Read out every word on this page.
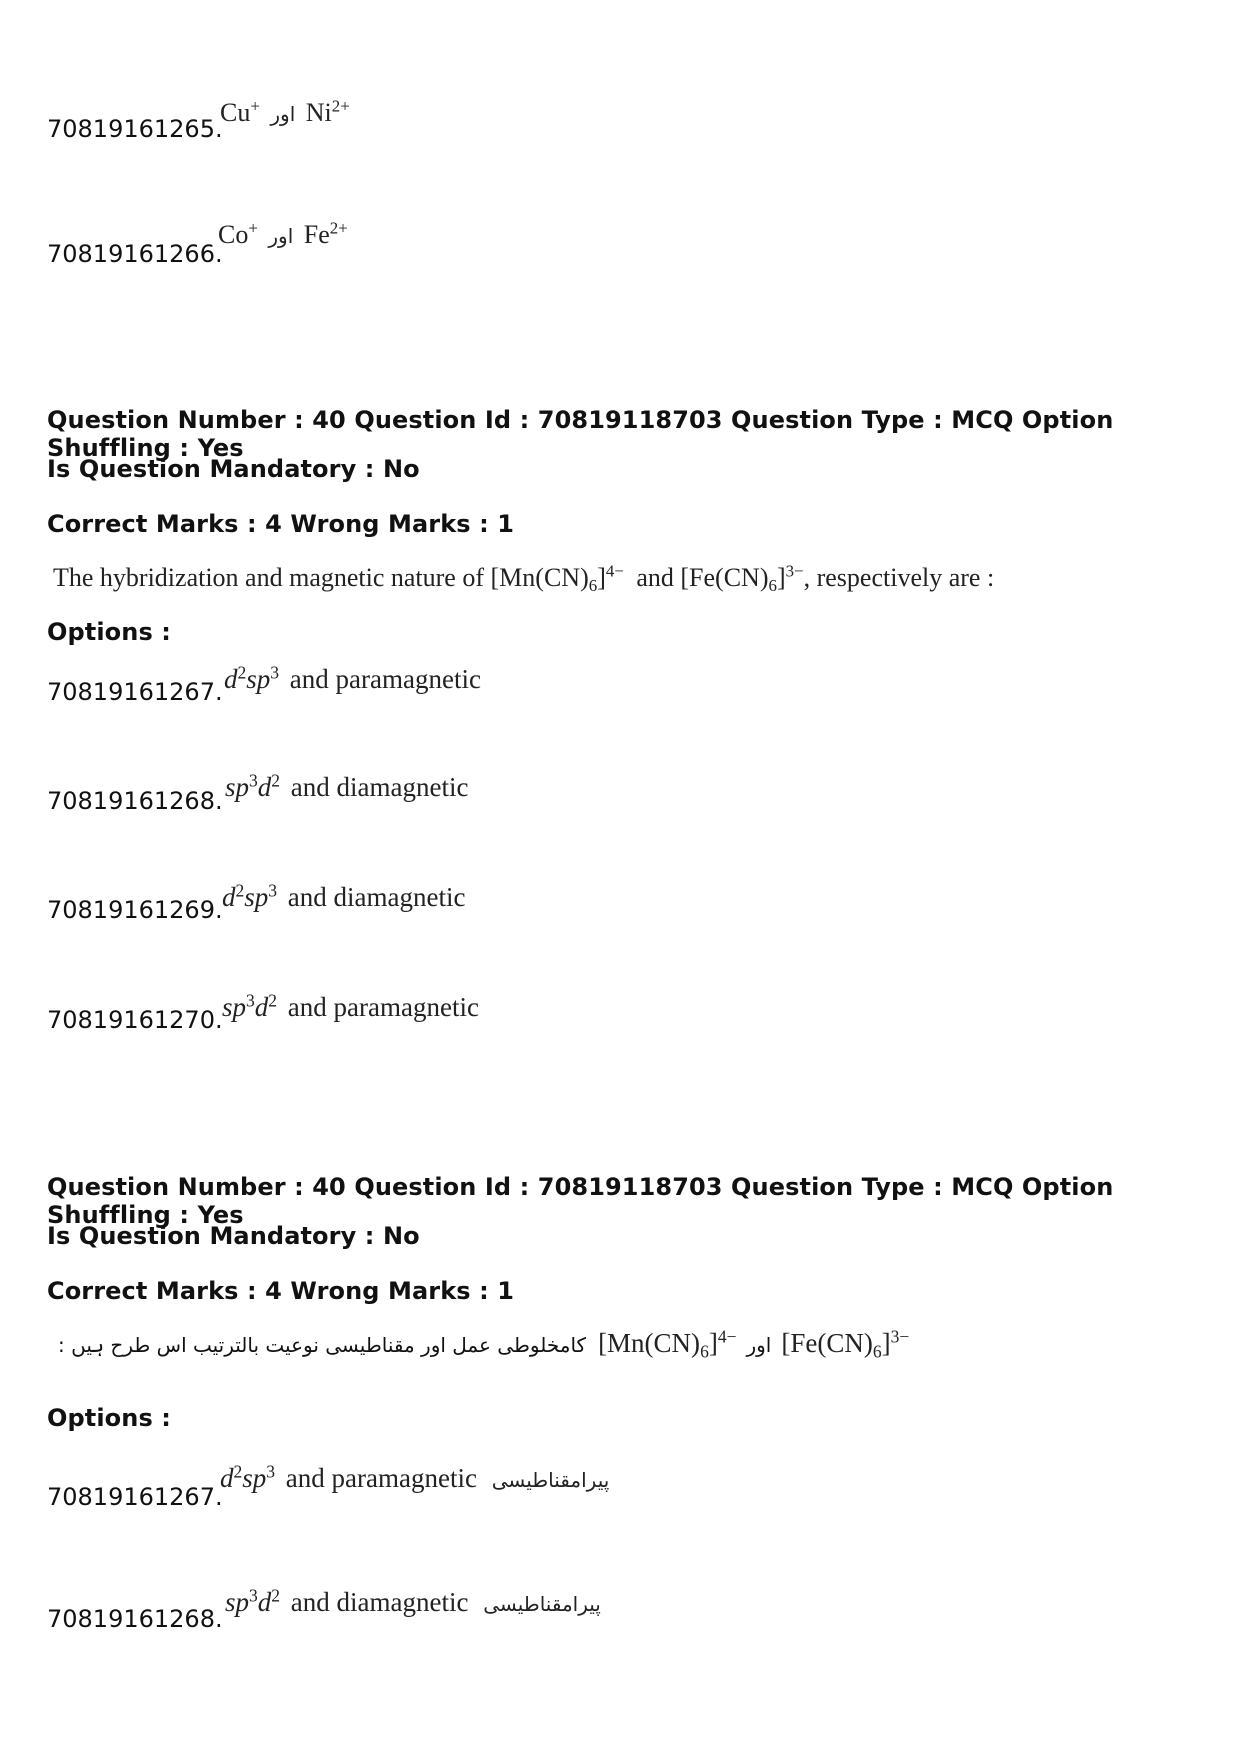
70819161265.
Cu+ اور $Ni^{2+}$
70819161266.
Co+ اور $Fe^{2+}$
Question Number : 40 Question Id : 70819118703 Question Type : MCQ Option Shuffling : Yes
Is Question Mandatory : No
Correct Marks : 4 Wrong Marks : 1
The hybridization and magnetic nature of $[Mn(CN)_6]^{4-}$ and $[Fe(CN)_6]^{3-}$, respectively are :
Options :
70819161267. $d^2sp^3$ and paramagnetic
70819161268. $sp^3d^2$ and diamagnetic
70819161269. $d^2sp^3$ and diamagnetic
70819161270. $sp^3d^2$ and paramagnetic
Question Number : 40 Question Id : 70819118703 Question Type : MCQ Option Shuffling : Yes
Is Question Mandatory : No
Correct Marks : 4 Wrong Marks : 1
$[Fe(CN)_6]^{3-}$
اور
$[Mn(CN)_6]^{4-}$
کامخلوطی عمل اور مقناطیسی نوعیت بالترتیب اس طرح ہیں :
Options :
70819161267.
$d^2sp^3$ and paramagnetic پیرامقناطیسی
70819161268.
$sp^3d^2$ and diamagnetic پیرامقناطیسی
